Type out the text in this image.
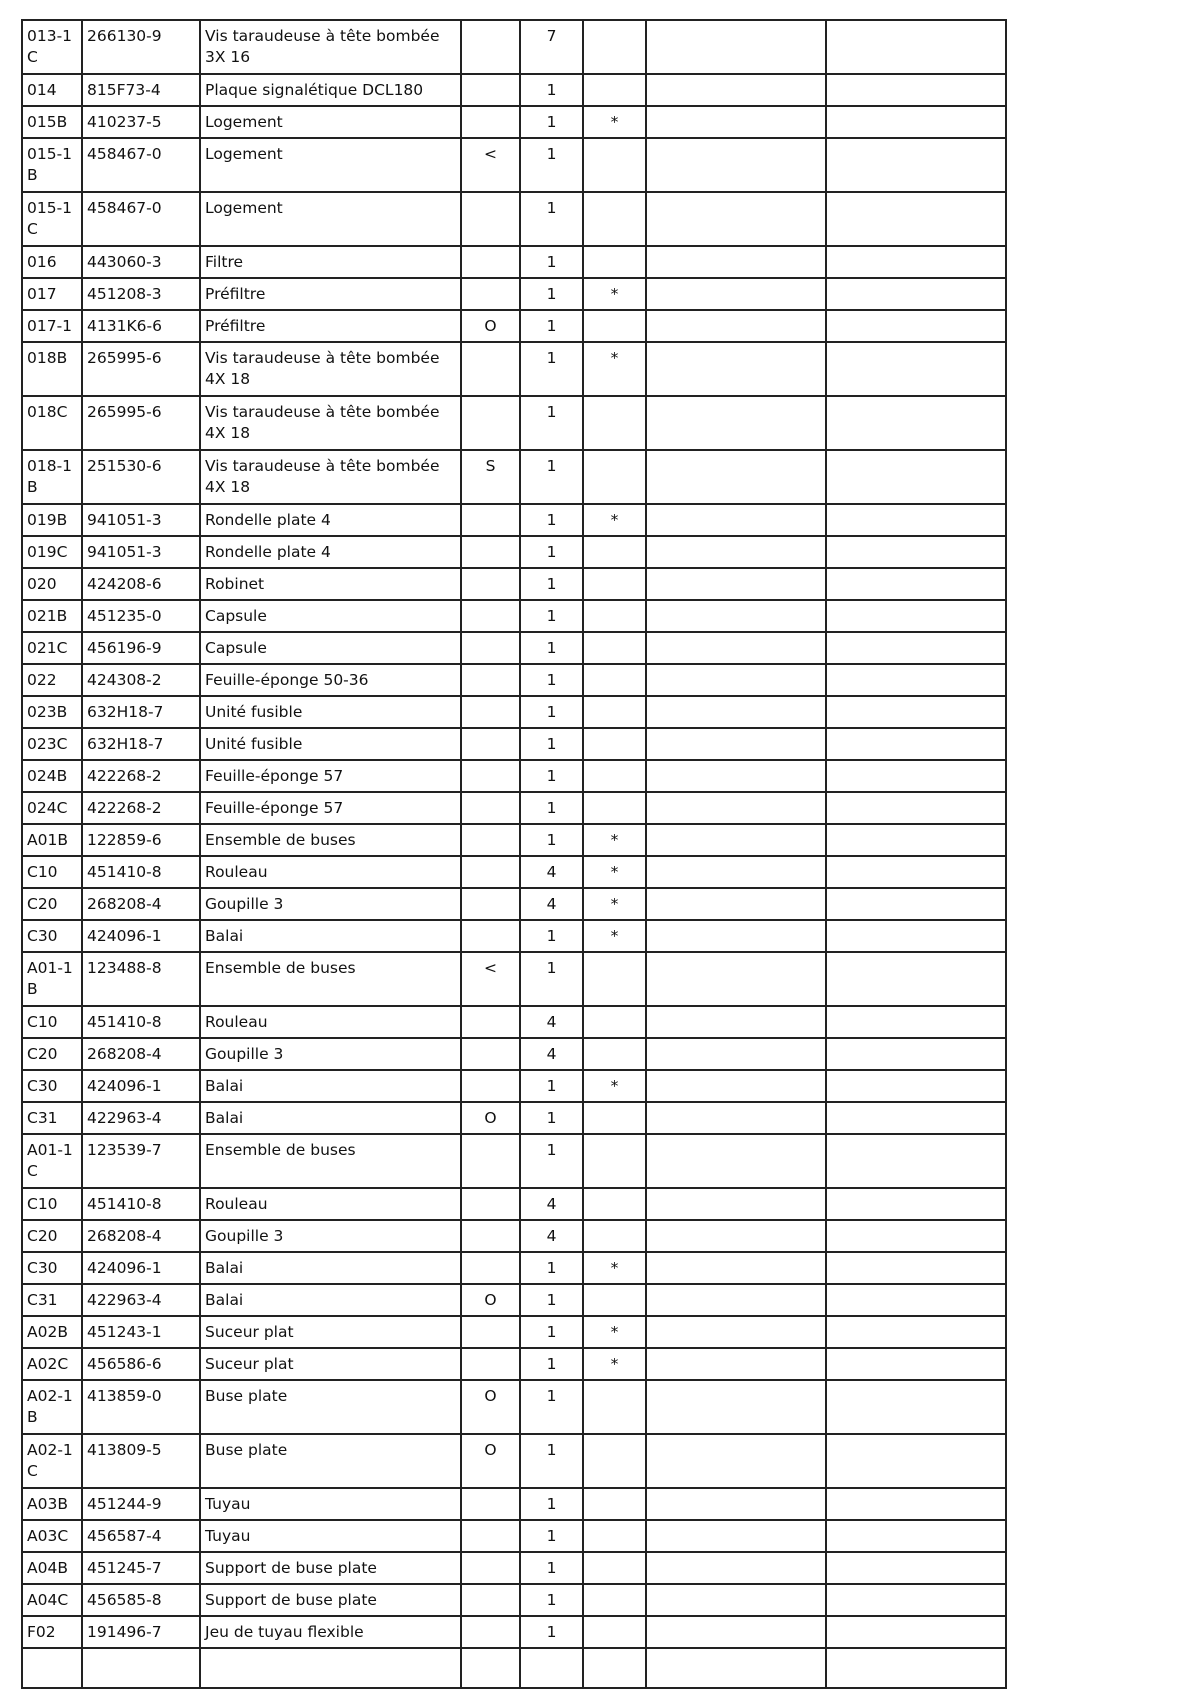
013-1 C	266130-9	Vis taraudeuse à tête bombée 3X 16		7			
014	815F73-4	Plaque signalétique DCL180		1			
015B	410237-5	Logement		1	*		
015-1 B	458467-0	Logement	<	1			
015-1 C	458467-0	Logement		1			
016	443060-3	Filtre		1			
017	451208-3	Préfiltre		1	*		
017-1	4131K6-6	Préfiltre	O	1			
018B	265995-6	Vis taraudeuse à tête bombée 4X 18		1	*		
018C	265995-6	Vis taraudeuse à tête bombée 4X 18		1			
018-1 B	251530-6	Vis taraudeuse à tête bombée 4X 18	S	1			
019B	941051-3	Rondelle plate 4		1	*		
019C	941051-3	Rondelle plate 4		1			
020	424208-6	Robinet		1			
021B	451235-0	Capsule		1			
021C	456196-9	Capsule		1			
022	424308-2	Feuille-éponge 50-36		1			
023B	632H18-7	Unité fusible		1			
023C	632H18-7	Unité fusible		1			
024B	422268-2	Feuille-éponge 57		1			
024C	422268-2	Feuille-éponge 57		1			
A01B	122859-6	Ensemble de buses		1	*		
C10	451410-8	Rouleau		4	*		
C20	268208-4	Goupille 3		4	*		
C30	424096-1	Balai		1	*		
A01-1 B	123488-8	Ensemble de buses	<	1			
C10	451410-8	Rouleau		4			
C20	268208-4	Goupille 3		4			
C30	424096-1	Balai		1	*		
C31	422963-4	Balai	O	1			
A01-1 C	123539-7	Ensemble de buses		1			
C10	451410-8	Rouleau		4			
C20	268208-4	Goupille 3		4			
C30	424096-1	Balai		1	*		
C31	422963-4	Balai	O	1			
A02B	451243-1	Suceur plat		1	*		
A02C	456586-6	Suceur plat		1	*		
A02-1 B	413859-0	Buse plate	O	1			
A02-1 C	413809-5	Buse plate	O	1			
A03B	451244-9	Tuyau		1			
A03C	456587-4	Tuyau		1			
A04B	451245-7	Support de buse plate		1			
A04C	456585-8	Support de buse plate		1			
F02	191496-7	Jeu de tuyau flexible		1			
